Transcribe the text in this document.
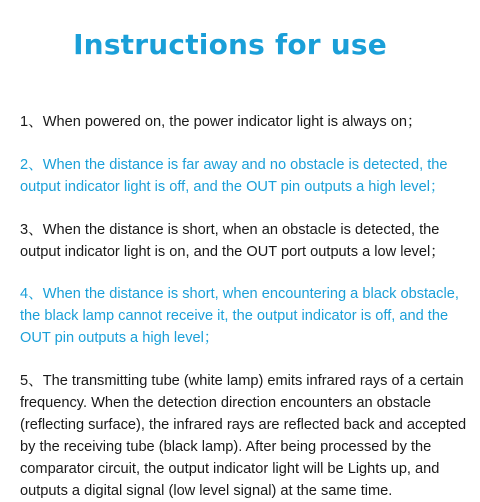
Instructions for use

1、When powered on, the power indicator light is always on；

2、When the distance is far away and no obstacle is detected, the output indicator light is off, and the OUT pin outputs a high level；

3、When the distance is short, when an obstacle is detected, the output indicator light is on, and the OUT port outputs a low level；

4、When the distance is short, when encountering a black obstacle, the black lamp cannot receive it, the output indicator is off, and the OUT pin outputs a high level；

5、The transmitting tube (white lamp) emits infrared rays of a certain frequency. When the detection direction encounters an obstacle (reflecting surface), the infrared rays are reflected back and accepted by the receiving tube (black lamp). After being processed by the comparator circuit, the output indicator light will be Lights up, and outputs a digital signal (low level signal) at the same time.
